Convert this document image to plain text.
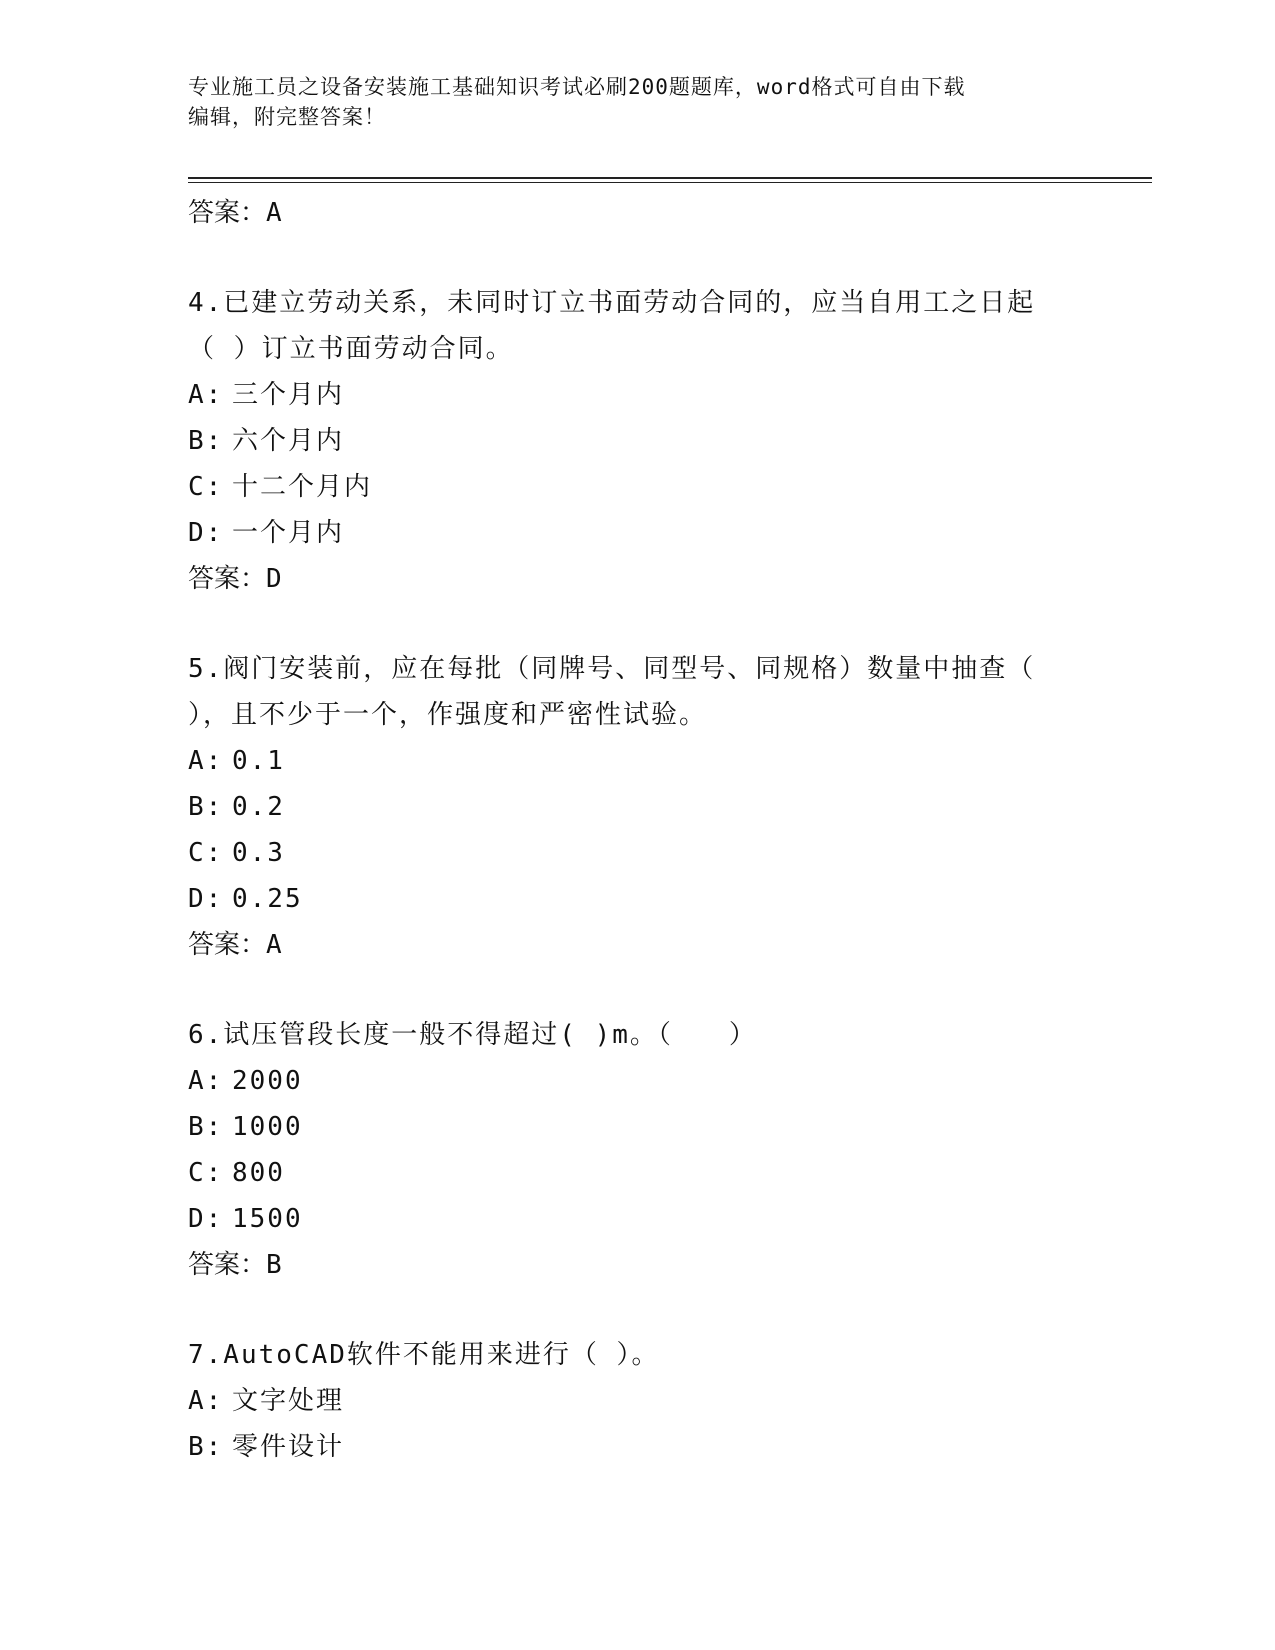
专业施工员之设备安装施工基础知识考试必刷200题题库，word格式可自由下载

编辑，附完整答案！

答案：A

4.已建立劳动关系，未同时订立书面劳动合同的，应当自用工之日起

（ ）订立书面劳动合同。

A: 三个月内

B: 六个月内

C: 十二个月内

D: 一个月内

答案：D

5.阀门安装前，应在每批（同牌号、同型号、同规格）数量中抽查（

），且不少于一个，作强度和严密性试验。

A: 0.1

B: 0.2

C: 0.3

D: 0.25

答案：A

6.试压管段长度一般不得超过( )m。（　　）

A: 2000

B: 1000

C: 800

D: 1500

答案：B

7.AutoCAD软件不能用来进行（ ）。

A: 文字处理

B: 零件设计
